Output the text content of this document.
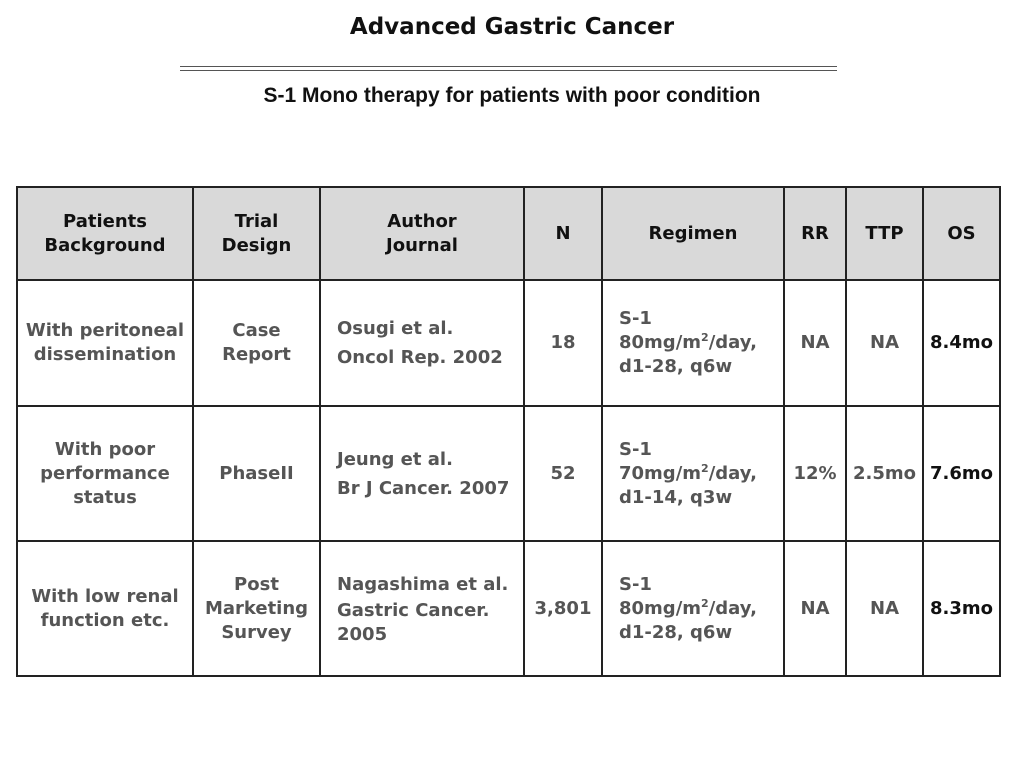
Advanced Gastric Cancer
S-1 Mono therapy for patients with poor condition
Patients
Background	Trial
Design	Author
Journal	N	Regimen	RR	TTP	OS

With peritoneal
dissemination	Case
Report	Osugi et al.
Oncol Rep. 2002	18	S-1
$80mg/m^2$/day,
d1-28, q6w	NA	NA	8.4mo

With poor
performance
status	PhaseII	Jeung et al.
Br J Cancer. 2007	52	S-1
$70mg/m^2$/day,
d1-14, q3w	12%	2.5mo	7.6mo

With low renal
function etc.	Post
Marketing
Survey	Nagashima et al.
Gastric Cancer.
2005	3,801	S-1
$80mg/m^2$/day,
d1-28, q6w	NA	NA	8.3mo
